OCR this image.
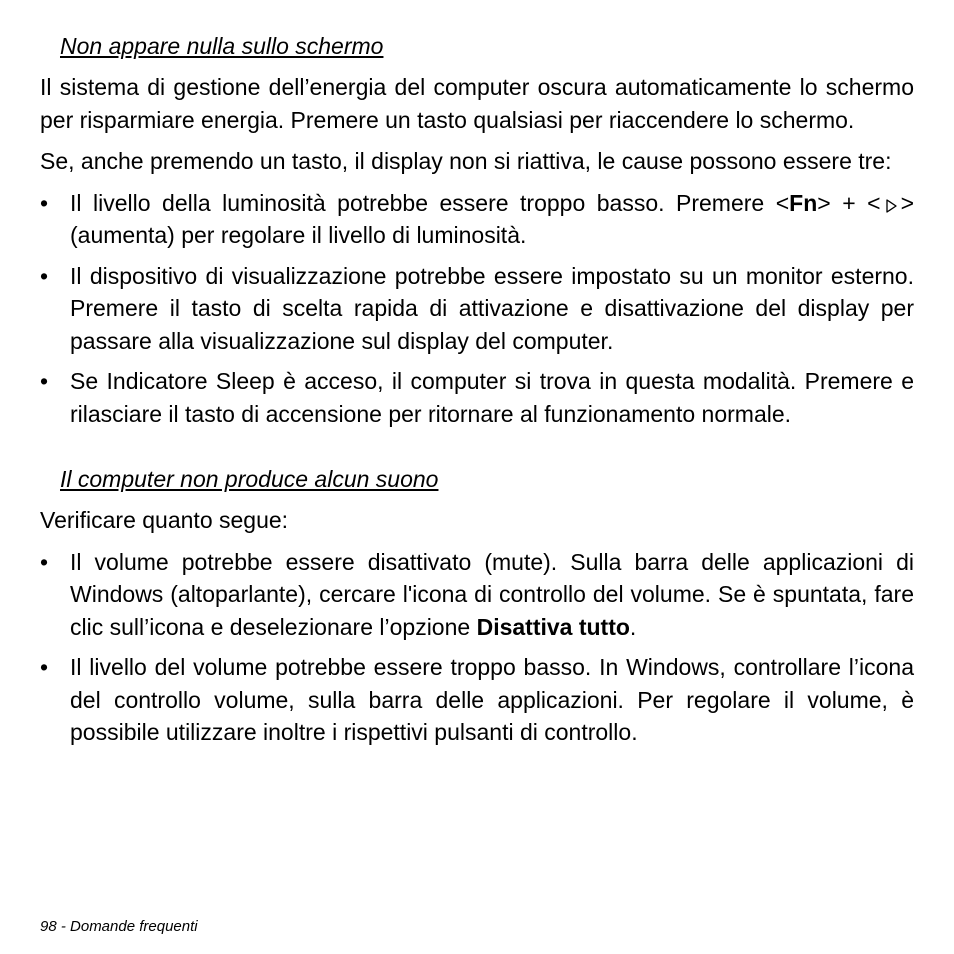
Non appare nulla sullo schermo

Il sistema di gestione dell’energia del computer oscura automaticamente lo schermo per risparmiare energia. Premere un tasto qualsiasi per riaccendere lo schermo.

Se, anche premendo un tasto, il display non si riattiva, le cause possono essere tre:

• Il livello della luminosità potrebbe essere troppo basso. Premere <Fn> + < > (aumenta) per regolare il livello di luminosità.
• Il dispositivo di visualizzazione potrebbe essere impostato su un monitor esterno. Premere il tasto di scelta rapida di attivazione e disattivazione del display per passare alla visualizzazione sul display del computer.
• Se Indicatore Sleep è acceso, il computer si trova in questa modalità. Premere e rilasciare il tasto di accensione per ritornare al funzionamento normale.
Il computer non produce alcun suono

Verificare quanto segue:

• Il volume potrebbe essere disattivato (mute). Sulla barra delle applicazioni di Windows (altoparlante), cercare l'icona di controllo del volume. Se è spuntata, fare clic sull’icona e deselezionare l’opzione Disattiva tutto.
• Il livello del volume potrebbe essere troppo basso. In Windows, controllare l’icona del controllo volume, sulla barra delle applicazioni. Per regolare il volume, è possibile utilizzare inoltre i rispettivi pulsanti di controllo.
98 - Domande frequenti
